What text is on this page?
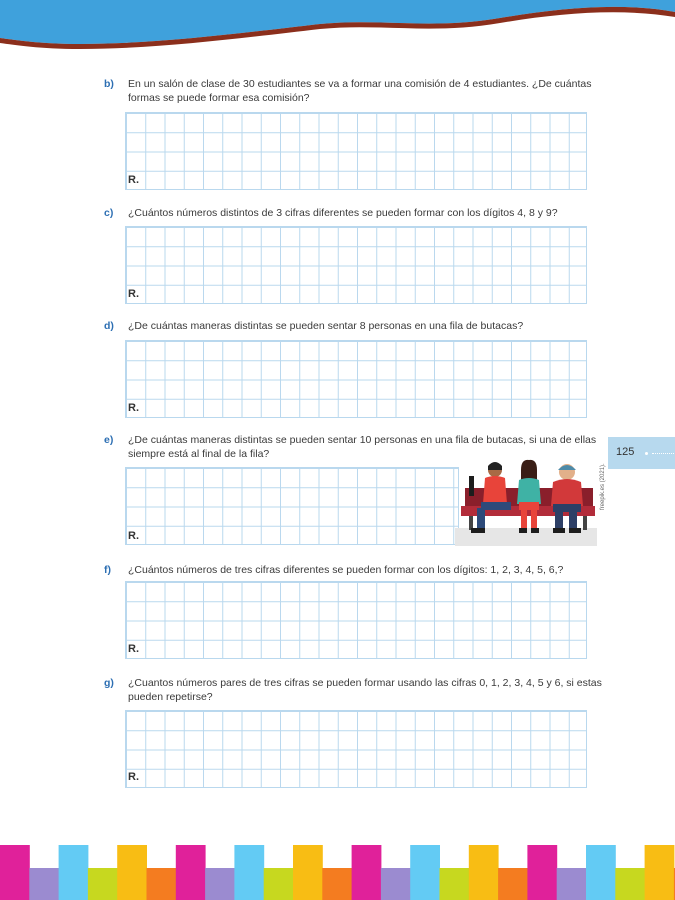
b) En un salón de clase de 30 estudiantes se va a formar una comisión de 4 estudiantes. ¿De cuántas formas se puede formar esa comisión?
R.
c) ¿Cuántos números distintos de 3 cifras diferentes se pueden formar con los dígitos 4, 8 y 9?
R.
d) ¿De cuántas maneras distintas se pueden sentar 8 personas en una fila de butacas?
R.
e) ¿De cuántas maneras distintas se pueden sentar 10 personas en una fila de butacas, si una de ellas siempre está al final de la fila?
R.
freepik.es (2021).
125
f) ¿Cuántos números de tres cifras diferentes se pueden formar con los dígitos: 1, 2, 3, 4, 5, 6,?
R.
g) ¿Cuantos números pares de tres cifras se pueden formar usando las cifras 0, 1, 2, 3, 4, 5 y 6, si estas pueden repetirse?
R.
